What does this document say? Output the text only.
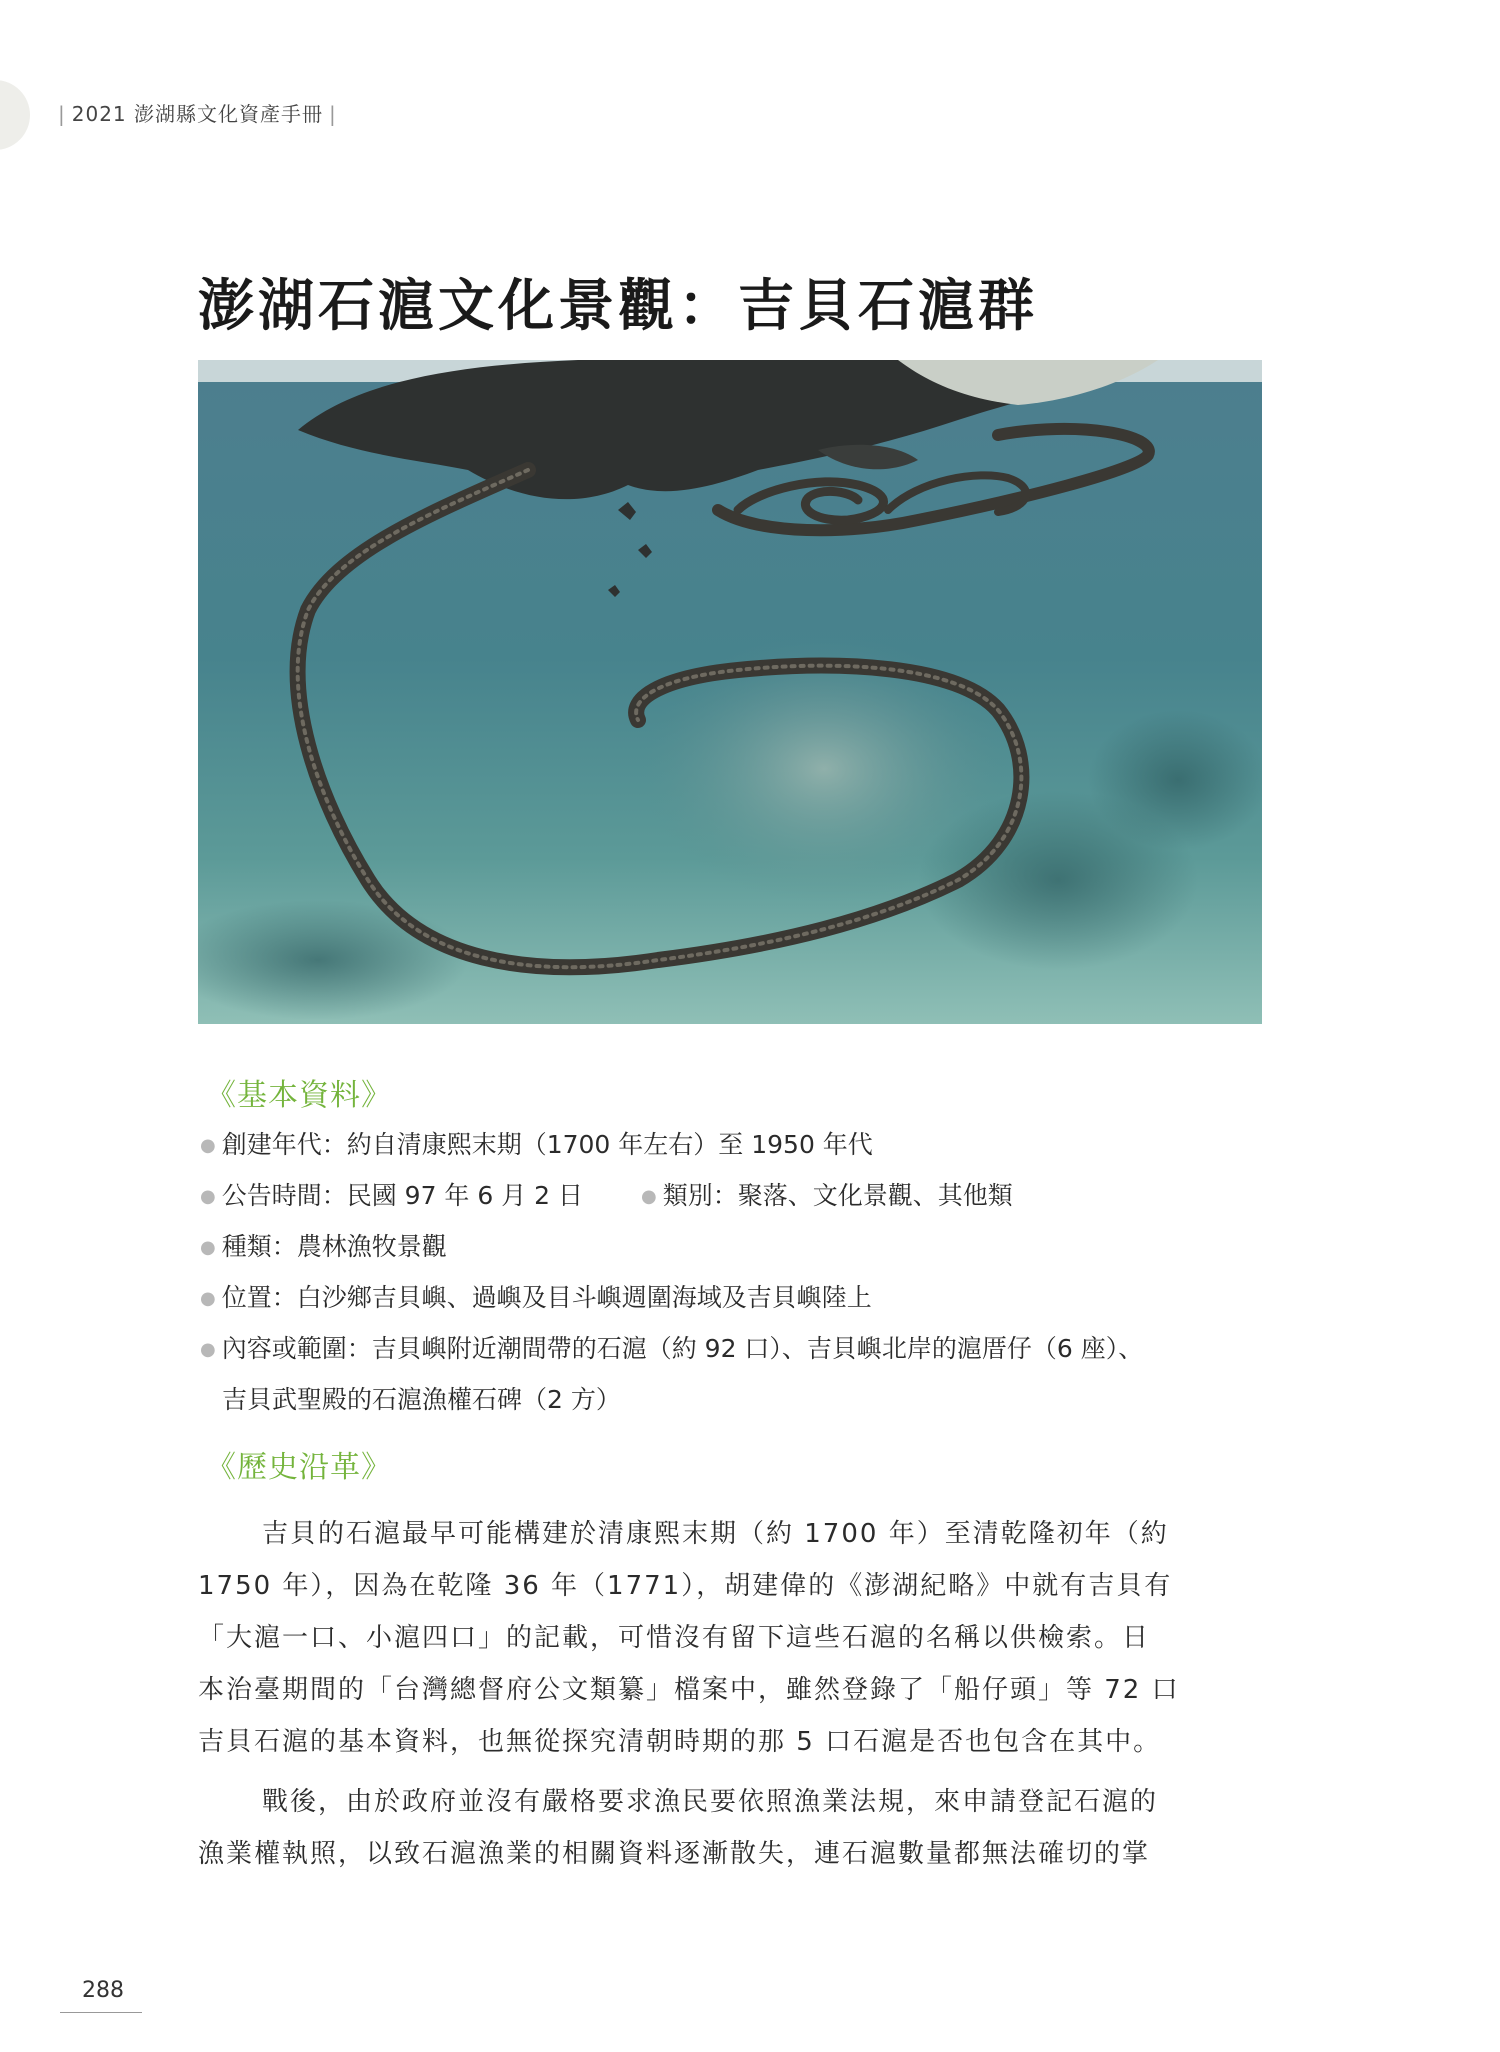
| 2021 澎湖縣文化資產手冊 |
澎湖石滬文化景觀：吉貝石滬群
《基本資料》
● 創建年代：約自清康熙末期（1700 年左右）至 1950 年代
● 公告時間：民國 97 年 6 月 2 日	● 類別：聚落、文化景觀、其他類
● 種類：農林漁牧景觀
● 位置：白沙鄉吉貝嶼、過嶼及目斗嶼週圍海域及吉貝嶼陸上
● 內容或範圍：吉貝嶼附近潮間帶的石滬（約 92 口）、吉貝嶼北岸的滬厝仔（6 座）、
吉貝武聖殿的石滬漁權石碑（2 方）
《歷史沿革》

吉貝的石滬最早可能構建於清康熙末期（約 1700 年）至清乾隆初年（約
1750 年），因為在乾隆 36 年（1771），胡建偉的《澎湖紀略》中就有吉貝有
「大滬一口、小滬四口」的記載，可惜沒有留下這些石滬的名稱以供檢索。日
本治臺期間的「台灣總督府公文類纂」檔案中，雖然登錄了「船仔頭」等 72 口
吉貝石滬的基本資料，也無從探究清朝時期的那 5 口石滬是否也包含在其中。

戰後，由於政府並沒有嚴格要求漁民要依照漁業法規，來申請登記石滬的
漁業權執照，以致石滬漁業的相關資料逐漸散失，連石滬數量都無法確切的掌

288
